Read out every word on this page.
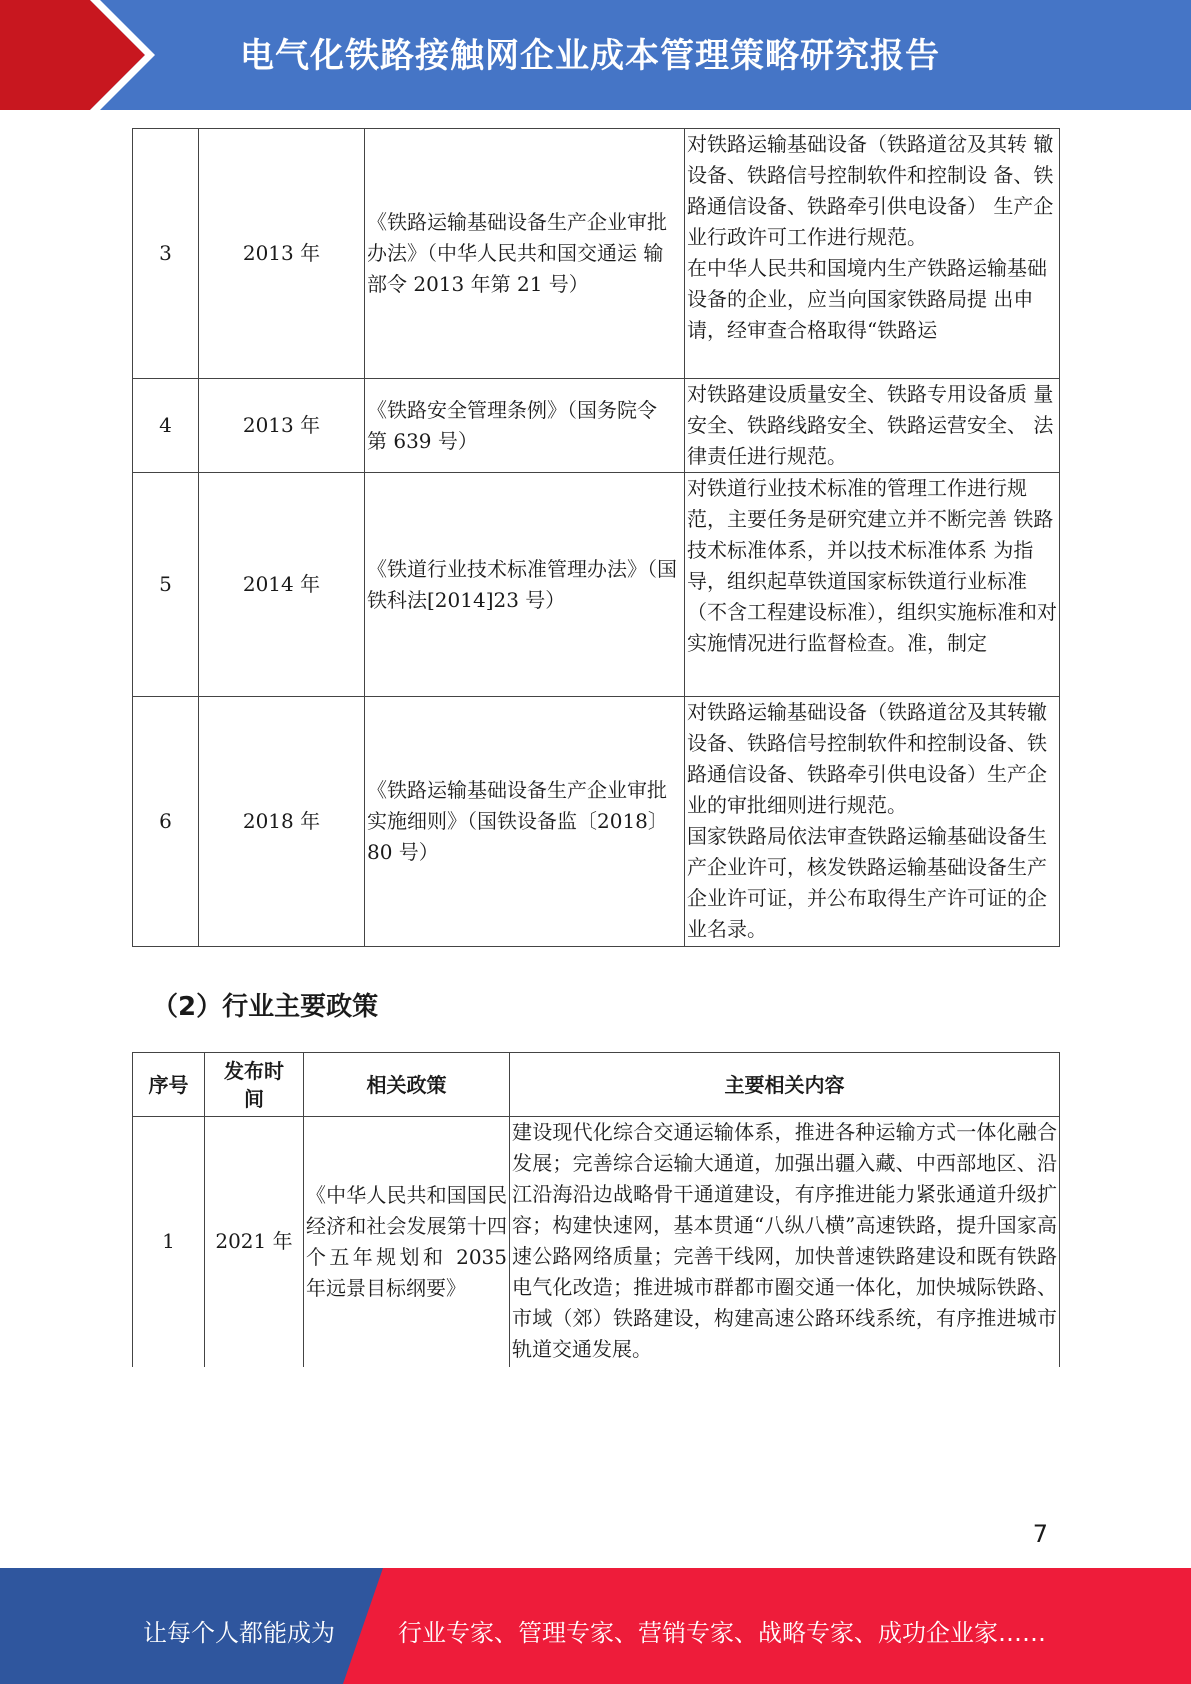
电气化铁路接触网企业成本管理策略研究报告
3	2013 年	《铁路运输基础设备生产企业审批办法》（中华人民共和国交通运 输部令 2013 年第 21 号）	对铁路运输基础设备（铁路道岔及其转 辙设备、铁路信号控制软件和控制设 备、铁路通信设备、铁路牵引供电设备） 生产企业行政许可工作进行规范。
在中华人民共和国境内生产铁路运输基础设备的企业，应当向国家铁路局提 出申请，经审查合格取得“铁路运

4	2013 年	《铁路安全管理条例》（国务院令 第 639 号）	对铁路建设质量安全、铁路专用设备质 量安全、铁路线路安全、铁路运营安全、 法律责任进行规范。

5	2014 年	《铁道行业技术标准管理办法》（国铁科法[2014]23 号）	对铁道行业技术标准的管理工作进行规范，主要任务是研究建立并不断完善 铁路技术标准体系，并以技术标准体系 为指导，组织起草铁道国家标铁道行业标准（不含工程建设标准），组织实施标准和对实施情况进行监督检查。准，制定

6	2018 年	《铁路运输基础设备生产企业审批实施细则》（国铁设备监〔2018〕 80 号）	对铁路运输基础设备（铁路道岔及其转辙设备、铁路信号控制软件和控制设备、铁路通信设备、铁路牵引供电设备）生产企业的审批细则进行规范。
国家铁路局依法审查铁路运输基础设备生产企业许可，核发铁路运输基础设备生产企业许可证，并公布取得生产许可证的企业名录。
（2）行业主要政策
序号	发布时间	相关政策	主要相关内容
1	2021 年	《中华人民共和国国民经济和社会发展第十四个五年规划和 2035 年远景目标纲要》	建设现代化综合交通运输体系，推进各种运输方式一体化融合发展；完善综合运输大通道，加强出疆入藏、中西部地区、沿江沿海沿边战略骨干通道建设，有序推进能力紧张通道升级扩容；构建快速网，基本贯通“八纵八横”高速铁路，提升国家高速公路网络质量；完善干线网，加快普速铁路建设和既有铁路电气化改造；推进城市群都市圈交通一体化，加快城际铁路、市域（郊）铁路建设，构建高速公路环线系统，有序推进城市轨道交通发展。
7
让每个人都能成为	行业专家、管理专家、营销专家、战略专家、成功企业家……
